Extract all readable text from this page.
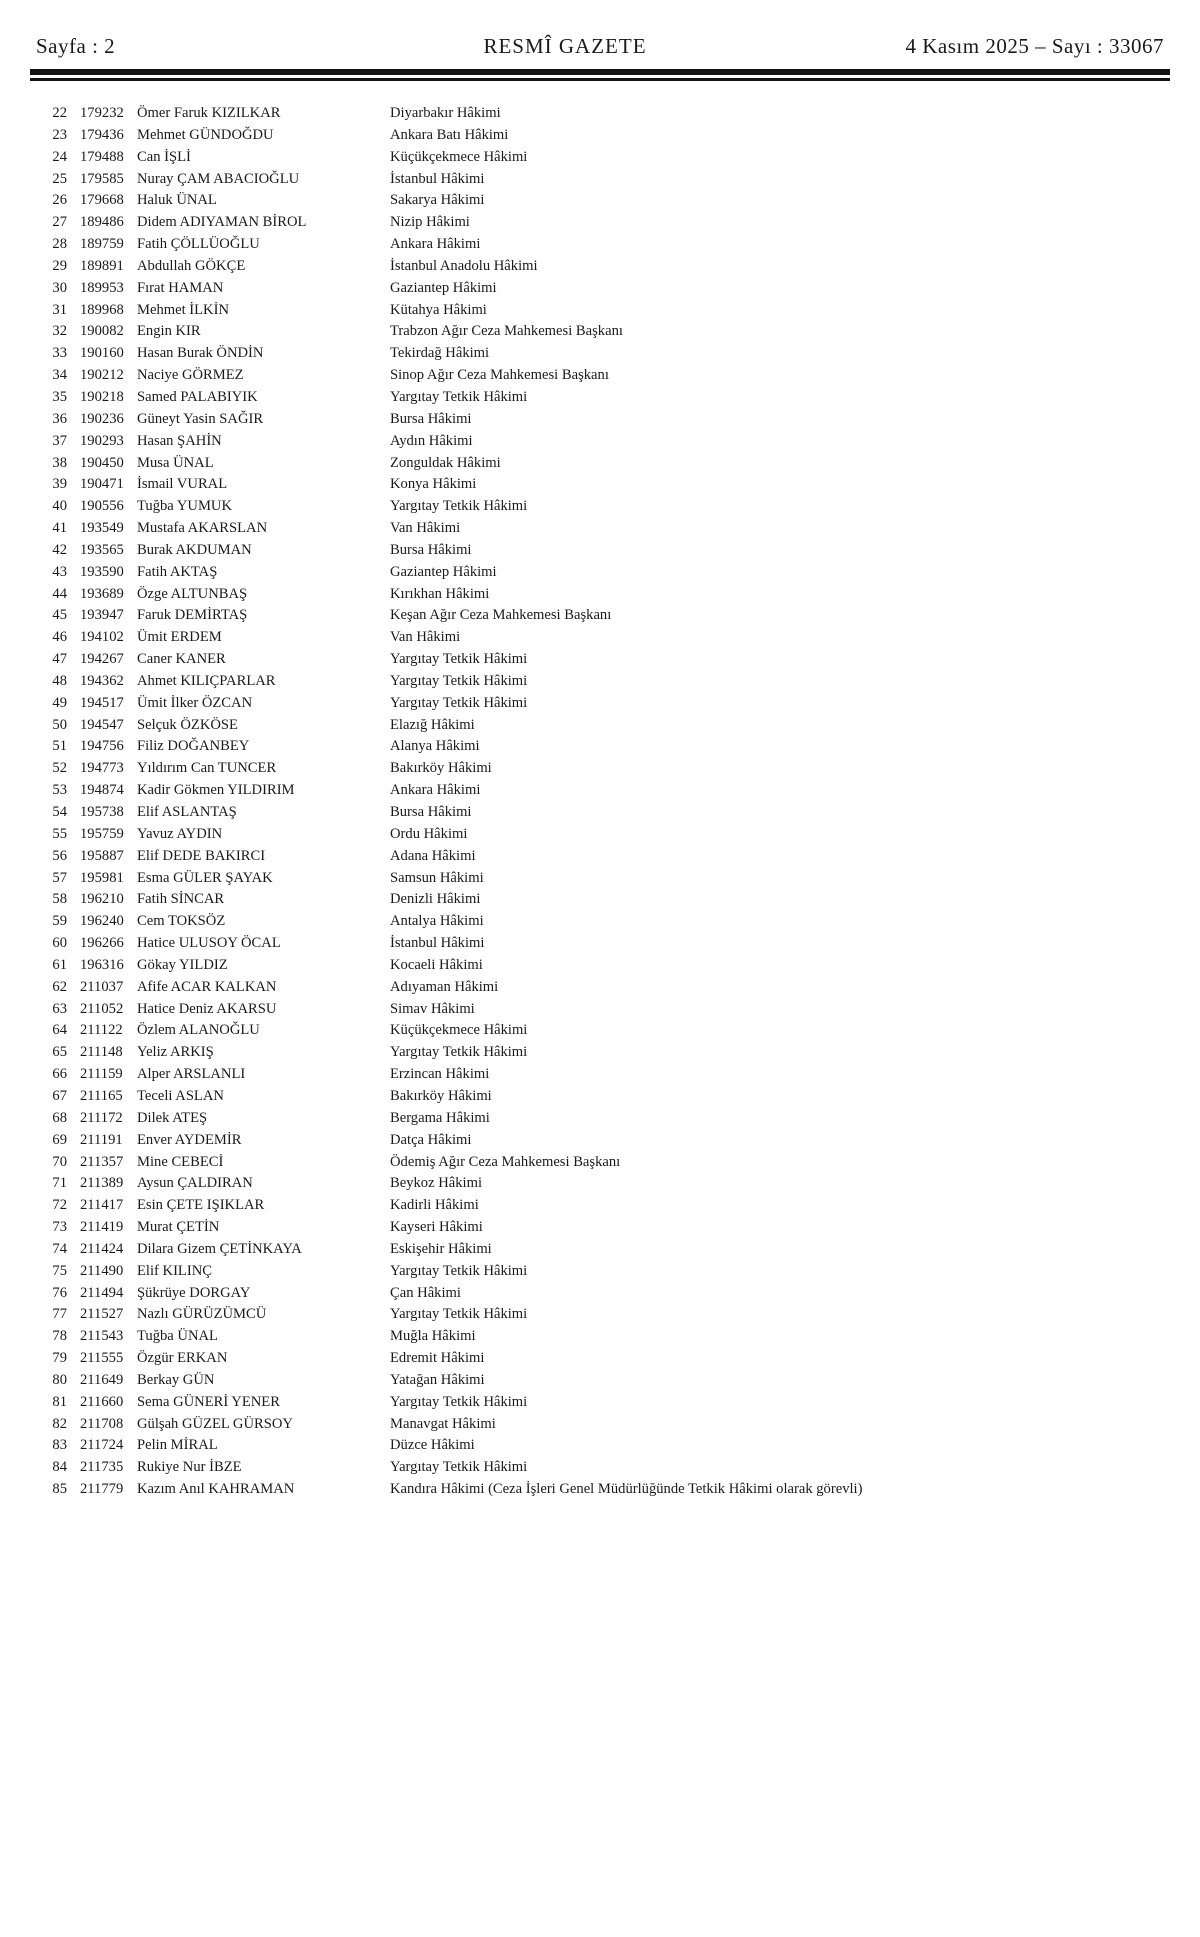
Sayfa : 2	RESMÎ GAZETE	4 Kasım 2025 – Sayı : 33067
22 179232 Ömer Faruk KIZILKAR	Diyarbakır Hâkimi
23 179436 Mehmet GÜNDOĞDU	Ankara Batı Hâkimi
24 179488 Can İŞLİ	Küçükçekmece Hâkimi
25 179585 Nuray ÇAM ABACIOĞLU	İstanbul Hâkimi
26 179668 Haluk ÜNAL	Sakarya Hâkimi
27 189486 Didem ADIYAMAN BİROL	Nizip Hâkimi
28 189759 Fatih ÇÖLLÜOĞLU	Ankara Hâkimi
29 189891 Abdullah GÖKÇE	İstanbul Anadolu Hâkimi
30 189953 Fırat HAMAN	Gaziantep Hâkimi
31 189968 Mehmet İLKİN	Kütahya Hâkimi
32 190082 Engin KIR	Trabzon Ağır Ceza Mahkemesi Başkanı
33 190160 Hasan Burak ÖNDİN	Tekirdağ Hâkimi
34 190212 Naciye GÖRMEZ	Sinop Ağır Ceza Mahkemesi Başkanı
35 190218 Samed PALABIYIK	Yargıtay Tetkik Hâkimi
36 190236 Güneyt Yasin SAĞIR	Bursa Hâkimi
37 190293 Hasan ŞAHİN	Aydın Hâkimi
38 190450 Musa ÜNAL	Zonguldak Hâkimi
39 190471 İsmail VURAL	Konya Hâkimi
40 190556 Tuğba YUMUK	Yargıtay Tetkik Hâkimi
41 193549 Mustafa AKARSLAN	Van Hâkimi
42 193565 Burak AKDUMAN	Bursa Hâkimi
43 193590 Fatih AKTAŞ	Gaziantep Hâkimi
44 193689 Özge ALTUNBAŞ	Kırıkhan Hâkimi
45 193947 Faruk DEMİRTAŞ	Keşan Ağır Ceza Mahkemesi Başkanı
46 194102 Ümit ERDEM	Van Hâkimi
47 194267 Caner KANER	Yargıtay Tetkik Hâkimi
48 194362 Ahmet KILIÇPARLAR	Yargıtay Tetkik Hâkimi
49 194517 Ümit İlker ÖZCAN	Yargıtay Tetkik Hâkimi
50 194547 Selçuk ÖZKÖSE	Elazığ Hâkimi
51 194756 Filiz DOĞANBEY	Alanya Hâkimi
52 194773 Yıldırım Can TUNCER	Bakırköy Hâkimi
53 194874 Kadir Gökmen YILDIRIM	Ankara Hâkimi
54 195738 Elif ASLANTAŞ	Bursa Hâkimi
55 195759 Yavuz AYDIN	Ordu Hâkimi
56 195887 Elif DEDE BAKIRCI	Adana Hâkimi
57 195981 Esma GÜLER ŞAYAK	Samsun Hâkimi
58 196210 Fatih SİNCAR	Denizli Hâkimi
59 196240 Cem TOKSÖZ	Antalya Hâkimi
60 196266 Hatice ULUSOY ÖCAL	İstanbul Hâkimi
61 196316 Gökay YILDIZ	Kocaeli Hâkimi
62 211037 Afife ACAR KALKAN	Adıyaman Hâkimi
63 211052 Hatice Deniz AKARSU	Simav Hâkimi
64 211122 Özlem ALANOĞLU	Küçükçekmece Hâkimi
65 211148 Yeliz ARKIŞ	Yargıtay Tetkik Hâkimi
66 211159 Alper ARSLANLI	Erzincan Hâkimi
67 211165 Teceli ASLAN	Bakırköy Hâkimi
68 211172 Dilek ATEŞ	Bergama Hâkimi
69 211191 Enver AYDEMİR	Datça Hâkimi
70 211357 Mine CEBECİ	Ödemiş Ağır Ceza Mahkemesi Başkanı
71 211389 Aysun ÇALDIRAN	Beykoz Hâkimi
72 211417 Esin ÇETE IŞIKLAR	Kadirli Hâkimi
73 211419 Murat ÇETİN	Kayseri Hâkimi
74 211424 Dilara Gizem ÇETİNKAYA	Eskişehir Hâkimi
75 211490 Elif KILINÇ	Yargıtay Tetkik Hâkimi
76 211494 Şükrüye DORGAY	Çan Hâkimi
77 211527 Nazlı GÜRÜZÜMCÜ	Yargıtay Tetkik Hâkimi
78 211543 Tuğba ÜNAL	Muğla Hâkimi
79 211555 Özgür ERKAN	Edremit Hâkimi
80 211649 Berkay GÜN	Yatağan Hâkimi
81 211660 Sema GÜNERİ YENER	Yargıtay Tetkik Hâkimi
82 211708 Gülşah GÜZEL GÜRSOY	Manavgat Hâkimi
83 211724 Pelin MİRAL	Düzce Hâkimi
84 211735 Rukiye Nur İBZE	Yargıtay Tetkik Hâkimi
85 211779 Kazım Anıl KAHRAMAN	Kandıra Hâkimi (Ceza İşleri Genel Müdürlüğünde Tetkik Hâkimi olarak görevli)
